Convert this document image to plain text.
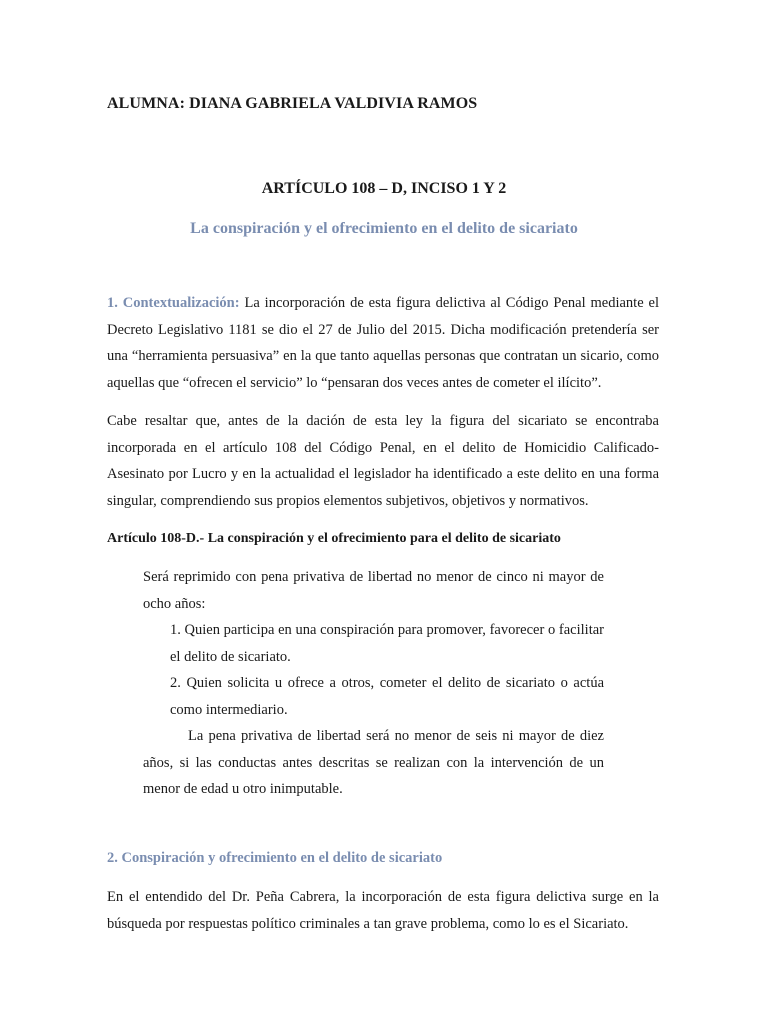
ALUMNA: DIANA GABRIELA VALDIVIA RAMOS
ARTÍCULO 108 – D, INCISO 1 Y 2
La conspiración y el ofrecimiento en el delito de sicariato
1. Contextualización: La incorporación de esta figura delictiva al Código Penal mediante el Decreto Legislativo 1181 se dio el 27 de Julio del 2015. Dicha modificación pretendería ser una “herramienta persuasiva” en la que tanto aquellas personas que contratan un sicario, como aquellas que “ofrecen el servicio” lo “pensaran dos veces antes de cometer el ilícito”.
Cabe resaltar que, antes de la dación de esta ley la figura del sicariato se encontraba incorporada en el artículo 108 del Código Penal, en el delito de Homicidio Calificado-Asesinato por Lucro y en la actualidad el legislador ha identificado a este delito en una forma singular, comprendiendo sus propios elementos subjetivos, objetivos y normativos.
Artículo 108-D.- La conspiración y el ofrecimiento para el delito de sicariato
Será reprimido con pena privativa de libertad no menor de cinco ni mayor de ocho años:
1. Quien participa en una conspiración para promover, favorecer o facilitar el delito de sicariato.
2. Quien solicita u ofrece a otros, cometer el delito de sicariato o actúa como intermediario.
La pena privativa de libertad será no menor de seis ni mayor de diez años, si las conductas antes descritas se realizan con la intervención de un menor de edad u otro inimputable.
2. Conspiración y ofrecimiento en el delito de sicariato
En el entendido del Dr. Peña Cabrera, la incorporación de esta figura delictiva surge en la búsqueda por respuestas político criminales a tan grave problema, como lo es el Sicariato.
